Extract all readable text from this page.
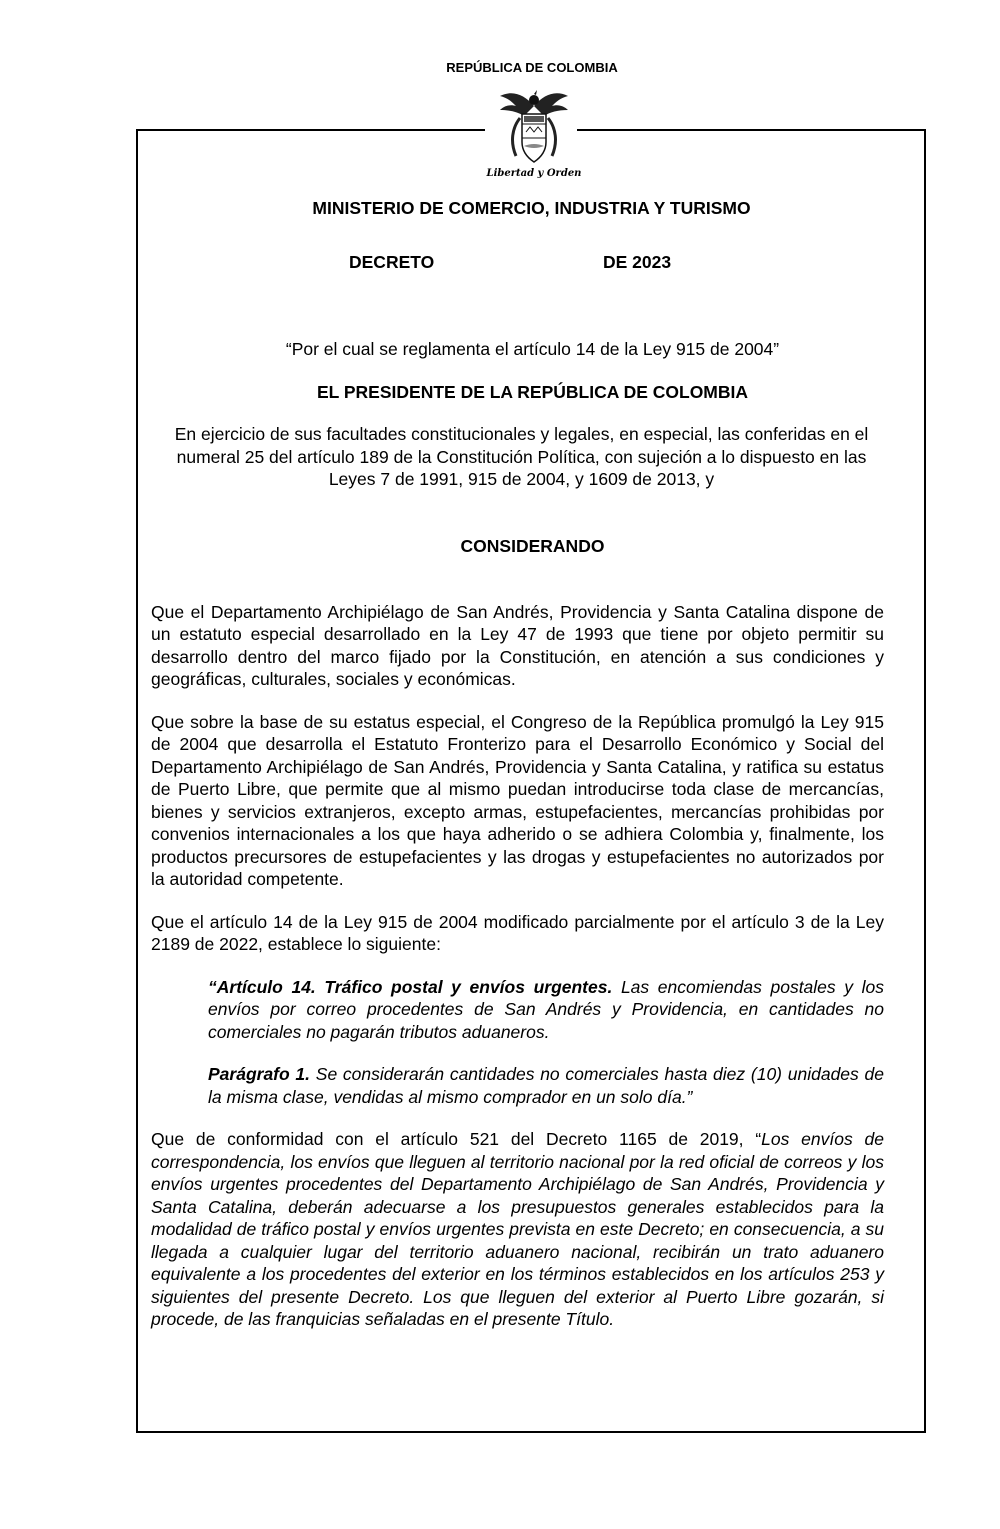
REPÚBLICA DE COLOMBIA
Libertad y Orden
MINISTERIO DE COMERCIO, INDUSTRIA Y TURISMO
DECRETO	DE 2023
“Por el cual se reglamenta el artículo 14 de la Ley 915 de 2004”
EL PRESIDENTE DE LA REPÚBLICA DE COLOMBIA
En ejercicio de sus facultades constitucionales y legales, en especial, las conferidas en el numeral 25 del artículo 189 de la Constitución Política, con sujeción a lo dispuesto en las Leyes 7 de 1991, 915 de 2004, y 1609 de 2013, y
CONSIDERANDO

Que el Departamento Archipiélago de San Andrés, Providencia y Santa Catalina dispone de un estatuto especial desarrollado en la Ley 47 de 1993 que tiene por objeto permitir su desarrollo dentro del marco fijado por la Constitución, en atención a sus condiciones y geográficas, culturales, sociales y económicas.

Que sobre la base de su estatus especial, el Congreso de la República promulgó la Ley 915 de 2004 que desarrolla el Estatuto Fronterizo para el Desarrollo Económico y Social del Departamento Archipiélago de San Andrés, Providencia y Santa Catalina, y ratifica su estatus de Puerto Libre, que permite que al mismo puedan introducirse toda clase de mercancías, bienes y servicios extranjeros, excepto armas, estupefacientes, mercancías prohibidas por convenios internacionales a los que haya adherido o se adhiera Colombia y, finalmente, los productos precursores de estupefacientes y las drogas y estupefacientes no autorizados por la autoridad competente.

Que el artículo 14 de la Ley 915 de 2004 modificado parcialmente por el artículo 3 de la Ley 2189 de 2022, establece lo siguiente:

“Artículo 14. Tráfico postal y envíos urgentes. Las encomiendas postales y los envíos por correo procedentes de San Andrés y Providencia, en cantidades no comerciales no pagarán tributos aduaneros.
Parágrafo 1. Se considerarán cantidades no comerciales hasta diez (10) unidades de la misma clase, vendidas al mismo comprador en un solo día.”

Que de conformidad con el artículo 521 del Decreto 1165 de 2019, “Los envíos de correspondencia, los envíos que lleguen al territorio nacional por la red oficial de correos y los envíos urgentes procedentes del Departamento Archipiélago de San Andrés, Providencia y Santa Catalina, deberán adecuarse a los presupuestos generales establecidos para la modalidad de tráfico postal y envíos urgentes prevista en este Decreto; en consecuencia, a su llegada a cualquier lugar del territorio aduanero nacional, recibirán un trato aduanero equivalente a los procedentes del exterior en los términos establecidos en los artículos 253 y siguientes del presente Decreto. Los que lleguen del exterior al Puerto Libre gozarán, si procede, de las franquicias señaladas en el presente Título.
